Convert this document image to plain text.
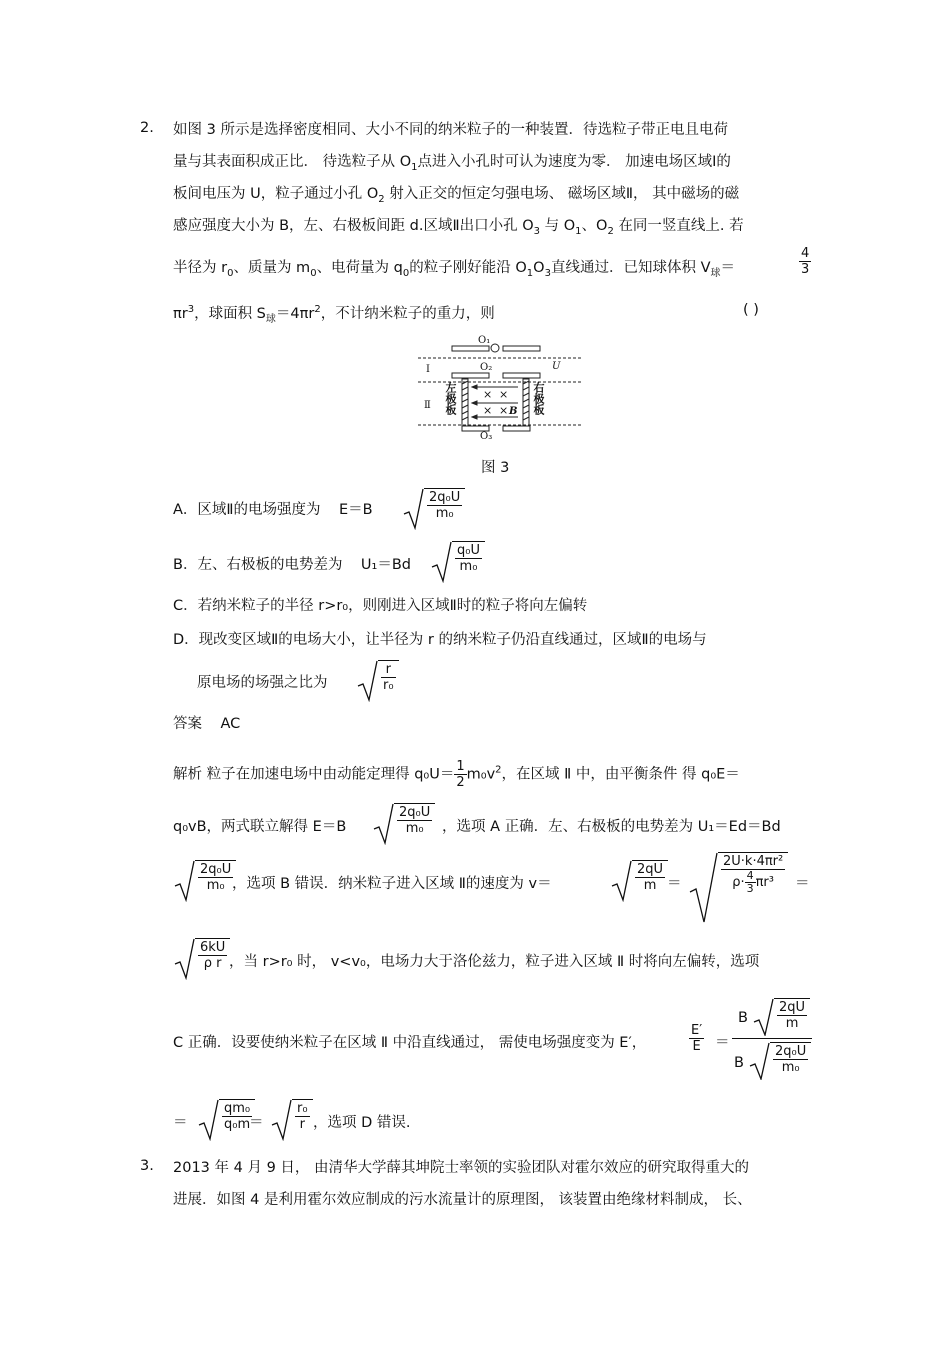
2. 如图 3 所示是选择密度相同、大小不同的纳米粒子的一种装置．待选粒子带正电且电荷
量与其表面积成正比． 待选粒子从 $O_1$点进入小孔时可认为速度为零． 加速电场区域Ⅰ的
板间电压为 U，粒子通过小孔 $O_2$ 射入正交的恒定匀强电场、 磁场区域Ⅱ， 其中磁场的磁
感应强度大小为 B，左、右极板间距 d.区域Ⅱ出口小孔 $O_3$ 与 $O_1$、$O_2$ 在同一竖直线上. 若
半径为 $r_0$、质量为 $m_0$、电荷量为 $q_0$的粒子刚好能沿 $O_1O_3$直线通过．已知球体积 $V_球=$	$\frac{4}{3}$
$\pi r^3$，球面积 $S_球=4\pi r^2$，不计纳米粒子的重力，则	( )
O₁
O₂
O₃
U
Ⅰ
Ⅱ
B
× ×
× ×
左极板	右极板
图 3
A．区域Ⅱ的电场强度为 E＝B	$\frac{\text{2q₀U}}{\text{m₀}}$
B．左、右极板的电势差为 U₁＝Bd	$\frac{\text{q₀U}}{\text{m₀}}$
C．若纳米粒子的半径 r>r₀，则刚进入区域Ⅱ时的粒子将向左偏转
D．现改变区域Ⅱ的电场大小，让半径为 r 的纳米粒子仍沿直线通过，区域Ⅱ的电场与
原电场的场强之比为	$\frac{r}{\text{r₀}}$
答案 AC
解析 粒子在加速电场中由动能定理得 $q_0U= \frac{1}{2} m_0v^2$，在区域 Ⅱ 中，由平衡条件 得 q₀E＝
q₀vB，两式联立解得 E＝B	$\frac{\text{2q₀U}}{\text{m₀}}$ ，选项 A 正确．左、右极板的电势差为 U₁＝Ed＝Bd
$\frac{\text{2q₀U}}{\text{m₀}}$
，选项 B 错误．纳米粒子进入区域 Ⅱ的速度为 v＝	$\frac{2qU}{m}$ ＝	$\frac{\text{2U·k·4πr²}}{\rho\cdot \frac{4}{3} \pi r^3}$ ＝
$\frac{6kU}{\text{ρ r}}$ ，当 r>r₀ 时， v<v₀，电场力大于洛伦兹力，粒子进入区域 Ⅱ 时将向左偏转，选项
C 正确．设要使纳米粒子在区域 Ⅱ 中沿直线通过， 需使电场强度变为 E′，	$\frac{E'}{E}$ ＝
B $\frac{2qU}{m}$
B $\frac{\text{2q₀U}}{\text{m₀}}$
＝	$\frac{\text{qm₀}}{\text{q₀m}}$
＝ $\frac{\text{r₀}}{r}$ ，选项 D 错误.
3. 2013 年 4 月 9 日， 由清华大学薛其坤院士率领的实验团队对霍尔效应的研究取得重大的
进展．如图 4 是利用霍尔效应制成的污水流量计的原理图， 该装置由绝缘材料制成， 长、
